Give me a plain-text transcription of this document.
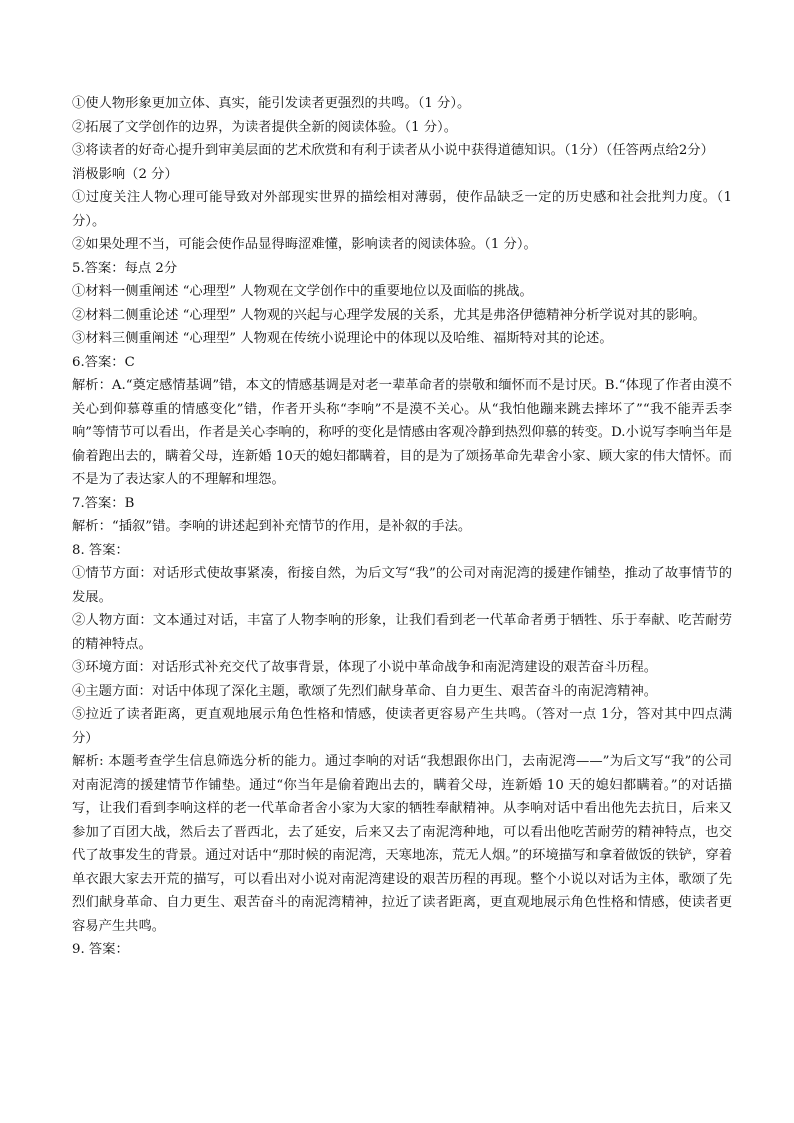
①使人物形象更加立体、真实，能引发读者更强烈的共鸣。（1 分）。

②拓展了文学创作的边界，为读者提供全新的阅读体验。（1 分）。

③将读者的好奇心提升到审美层面的艺术欣赏和有利于读者从小说中获得道德知识。（1分）（任答两点给2分）

消极影响（2 分）

①过度关注人物心理可能导致对外部现实世界的描绘相对薄弱，使作品缺乏一定的历史感和社会批判力度。（1 分）。

②如果处理不当，可能会使作品显得晦涩难懂，影响读者的阅读体验。（1 分）。

5.答案：每点 2分

①材料一侧重阐述 “心理型” 人物观在文学创作中的重要地位以及面临的挑战。

②材料二侧重论述 “心理型” 人物观的兴起与心理学发展的关系，尤其是弗洛伊德精神分析学说对其的影响。

③材料三侧重阐述 “心理型” 人物观在传统小说理论中的体现以及哈维、福斯特对其的论述。

6.答案：C

解析：A.“奠定感情基调”错，本文的情感基调是对老一辈革命者的崇敬和缅怀而不是讨厌。B.“体现了作者由漠不关心到仰慕尊重的情感变化”错，作者开头称“李响”不是漠不关心。从“我怕他蹦来跳去摔坏了”“我不能弄丢李响”等情节可以看出，作者是关心李响的，称呼的变化是情感由客观冷静到热烈仰慕的转变。D.小说写李响当年是偷着跑出去的，瞒着父母，连新婚 10天的媳妇都瞒着，目的是为了颂扬革命先辈舍小家、顾大家的伟大情怀。而不是为了表达家人的不理解和埋怨。

7.答案：B

解析：“插叙”错。李响的讲述起到补充情节的作用，是补叙的手法。

8. 答案：

①情节方面：对话形式使故事紧凑，衔接自然，为后文写“我”的公司对南泥湾的援建作铺垫，推动了故事情节的发展。

②人物方面：文本通过对话，丰富了人物李响的形象，让我们看到老一代革命者勇于牺牲、乐于奉献、吃苦耐劳的精神特点。

③环境方面：对话形式补充交代了故事背景，体现了小说中革命战争和南泥湾建设的艰苦奋斗历程。

④主题方面：对话中体现了深化主题，歌颂了先烈们献身革命、自力更生、艰苦奋斗的南泥湾精神。

⑤拉近了读者距离，更直观地展示角色性格和情感，使读者更容易产生共鸣。（答对一点 1分，答对其中四点满分）

解析: 本题考查学生信息筛选分析的能力。通过李响的对话“我想跟你出门，去南泥湾——”为后文写“我”的公司对南泥湾的援建情节作铺垫。通过“你当年是偷着跑出去的，瞒着父母，连新婚 10 天的媳妇都瞒着。”的对话描写，让我们看到李响这样的老一代革命者舍小家为大家的牺牲奉献精神。从李响对话中看出他先去抗日，后来又参加了百团大战，然后去了晋西北，去了延安，后来又去了南泥湾种地，可以看出他吃苦耐劳的精神特点，也交代了故事发生的背景。通过对话中“那时候的南泥湾，天寒地冻，荒无人烟。”的环境描写和拿着做饭的铁铲，穿着单衣跟大家去开荒的描写，可以看出对小说对南泥湾建设的艰苦历程的再现。整个小说以对话为主体，歌颂了先烈们献身革命、自力更生、艰苦奋斗的南泥湾精神，拉近了读者距离，更直观地展示角色性格和情感，使读者更容易产生共鸣。

9. 答案：
